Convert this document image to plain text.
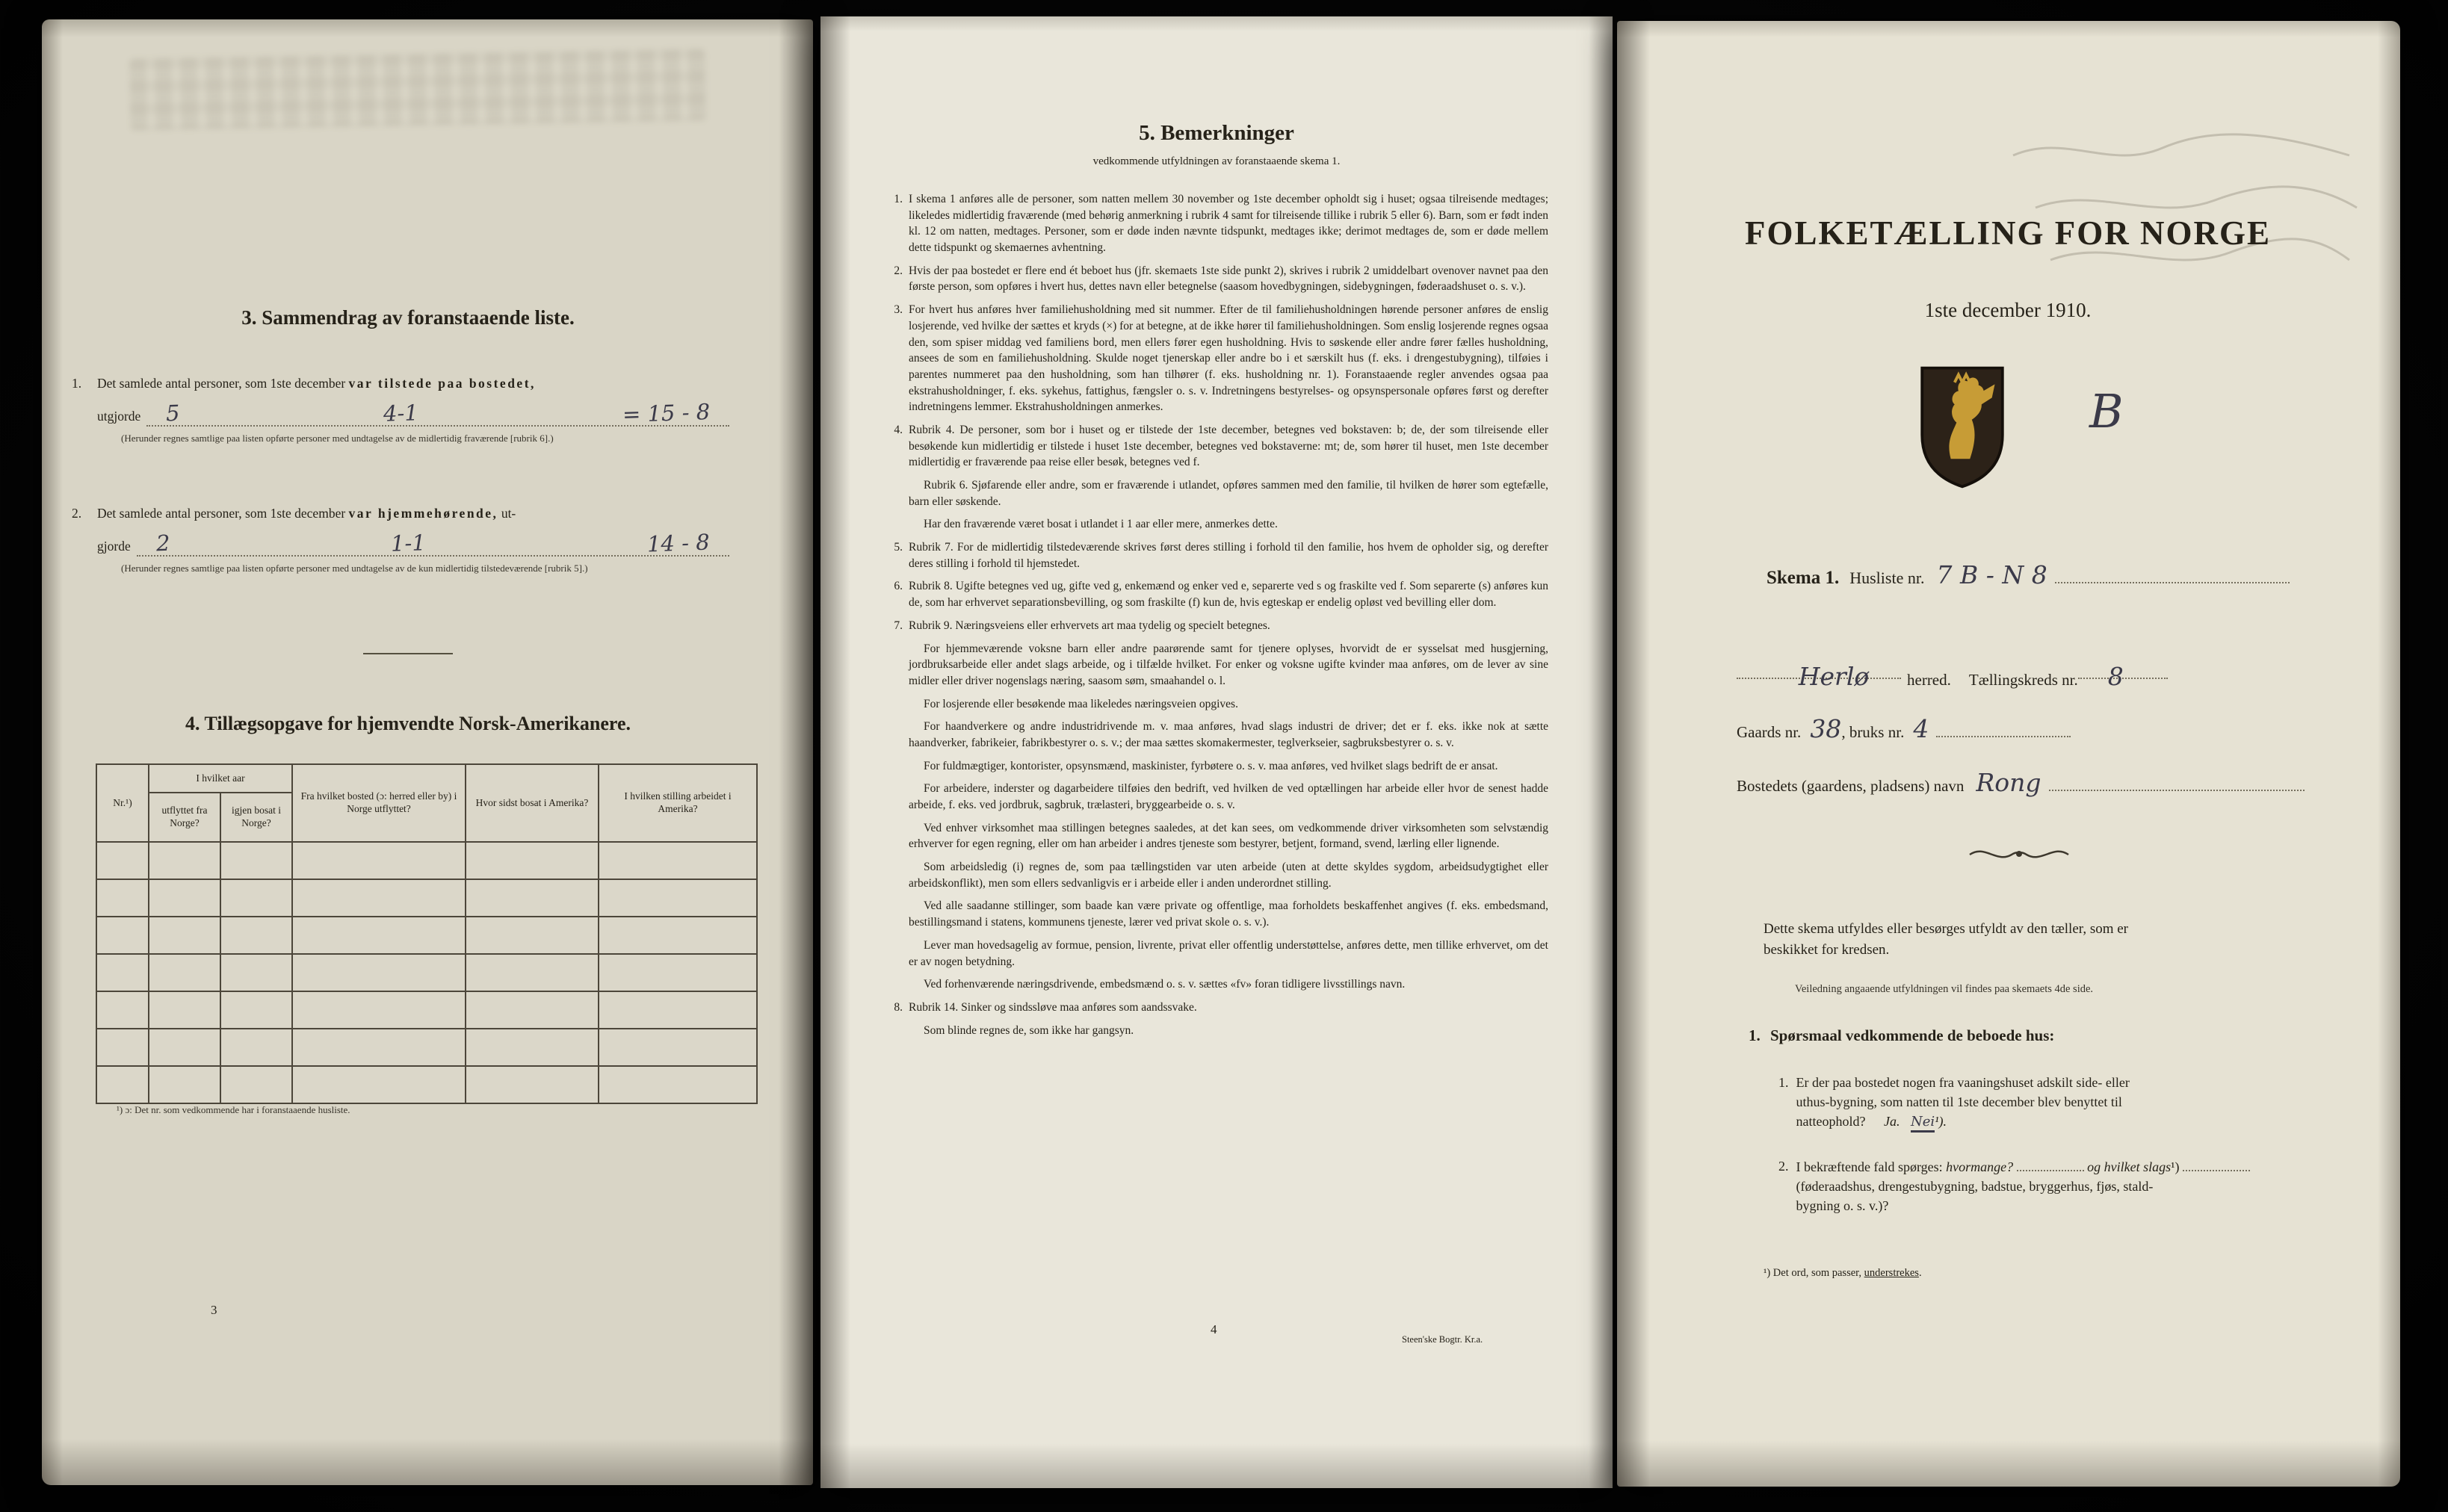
3. Sammendrag av foranstaaende liste.
1.	Det samlede antal personer, som 1ste december var tilstede paa bostedet,
utgjorde 5	4-1	= 15 - 8
(Herunder regnes samtlige paa listen opførte personer med undtagelse av de midlertidig fraværende [rubrik 6].)
2.	Det samlede antal personer, som 1ste december var hjemmehørende, ut-
gjorde 2	1-1	14 - 8
(Herunder regnes samtlige paa listen opførte personer med undtagelse av de kun midlertidig tilstedeværende [rubrik 5].)
4. Tillægsopgave for hjemvendte Norsk-Amerikanere.
Nr.¹)	I hvilket aar		Fra hvilket bosted (ɔ: herred eller by) i Norge utflyttet?	Hvor sidst bosat i Amerika?	I hvilken stilling arbeidet i Amerika?
	utflyttet fra Norge?	igjen bosat i Norge?			

¹) ɔ: Det nr. som vedkommende har i foranstaaende husliste.
3
5. Bemerkninger
vedkommende utfyldningen av foranstaaende skema 1.
1. I skema 1 anføres alle de personer, som natten mellem 30 november og 1ste december opholdt sig i huset; ogsaa tilreisende medtages; likeledes midlertidig fraværende (med behørig anmerkning i rubrik 4 samt for tilreisende tillike i rubrik 5 eller 6). Barn, som er født inden kl. 12 om natten, medtages. Personer, som er døde inden nævnte tidspunkt, medtages ikke; derimot medtages de, som er døde mellem dette tidspunkt og skemaernes avhentning.
2. Hvis der paa bostedet er flere end ét beboet hus (jfr. skemaets 1ste side punkt 2), skrives i rubrik 2 umiddelbart ovenover navnet paa den første person, som opføres i hvert hus, dettes navn eller betegnelse (saasom hovedbygningen, sidebygningen, føderaadshuset o. s. v.).
3. For hvert hus anføres hver familiehusholdning med sit nummer. Efter de til familiehusholdningen hørende personer anføres de enslig losjerende, ved hvilke der sættes et kryds (×) for at betegne, at de ikke hører til familiehusholdningen. Som enslig losjerende regnes ogsaa den, som spiser middag ved familiens bord, men ellers fører egen husholdning. Hvis to søskende eller andre fører fælles husholdning, ansees de som en familiehusholdning. Skulde noget tjenerskap eller andre bo i et særskilt hus (f. eks. i drengestubygning), tilføies i parentes nummeret paa den husholdning, som han tilhører (f. eks. husholdning nr. 1). Foranstaaende regler anvendes ogsaa paa ekstrahusholdninger, f. eks. sykehus, fattighus, fængsler o. s. v. Indretningens bestyrelses- og opsynspersonale opføres først og derefter indretningens lemmer. Ekstrahusholdningen anmerkes.
4. Rubrik 4. De personer, som bor i huset og er tilstede der 1ste december, betegnes ved bokstaven: b; de, der som tilreisende eller besøkende kun midlertidig er tilstede i huset 1ste december, betegnes ved bokstaverne: mt; de, som hører til huset, men 1ste december midlertidig er fraværende paa reise eller besøk, betegnes ved f.
Rubrik 6. Sjøfarende eller andre, som er fraværende i utlandet, opføres sammen med den familie, til hvilken de hører som egtefælle, barn eller søskende.
Har den fraværende været bosat i utlandet i 1 aar eller mere, anmerkes dette.
5. Rubrik 7. For de midlertidig tilstedeværende skrives først deres stilling i forhold til den familie, hos hvem de opholder sig, og derefter deres stilling i forhold til hjemstedet.
6. Rubrik 8. Ugifte betegnes ved ug, gifte ved g, enkemænd og enker ved e, separerte ved s og fraskilte ved f. Som separerte (s) anføres kun de, som har erhvervet separationsbevilling, og som fraskilte (f) kun de, hvis egteskap er endelig opløst ved bevilling eller dom.
7. Rubrik 9. Næringsveiens eller erhvervets art maa tydelig og specielt betegnes.
For hjemmeværende voksne barn eller andre paarørende samt for tjenere oplyses, hvorvidt de er sysselsat med husgjerning, jordbruksarbeide eller andet slags arbeide, og i tilfælde hvilket. For enker og voksne ugifte kvinder maa anføres, om de lever av sine midler eller driver nogenslags næring, saasom søm, smaahandel o. l.
For losjerende eller besøkende maa likeledes næringsveien opgives.
For haandverkere og andre industridrivende m. v. maa anføres, hvad slags industri de driver; det er f. eks. ikke nok at sætte haandverker, fabrikeier, fabrikbestyrer o. s. v.; der maa sættes skomakermester, teglverkseier, sagbruksbestyrer o. s. v.
For fuldmægtiger, kontorister, opsynsmænd, maskinister, fyrbøtere o. s. v. maa anføres, ved hvilket slags bedrift de er ansat.
For arbeidere, inderster og dagarbeidere tilføies den bedrift, ved hvilken de ved optællingen har arbeide eller hvor de senest hadde arbeide, f. eks. ved jordbruk, sagbruk, trælasteri, bryggearbeide o. s. v.
Ved enhver virksomhet maa stillingen betegnes saaledes, at det kan sees, om vedkommende driver virksomheten som selvstændig erhverver for egen regning, eller om han arbeider i andres tjeneste som bestyrer, betjent, formand, svend, lærling eller lignende.
Som arbeidsledig (i) regnes de, som paa tællingstiden var uten arbeide (uten at dette skyldes sygdom, arbeidsudygtighet eller arbeidskonflikt), men som ellers sedvanligvis er i arbeide eller i anden underordnet stilling.
Ved alle saadanne stillinger, som baade kan være private og offentlige, maa forholdets beskaffenhet angives (f. eks. embedsmand, bestillingsmand i statens, kommunens tjeneste, lærer ved privat skole o. s. v.).
Lever man hovedsagelig av formue, pension, livrente, privat eller offentlig understøttelse, anføres dette, men tillike erhvervet, om det er av nogen betydning.
Ved forhenværende næringsdrivende, embedsmænd o. s. v. sættes «fv» foran tidligere livsstillings navn.
8. Rubrik 14. Sinker og sindssløve maa anføres som aandssvake.
Som blinde regnes de, som ikke har gangsyn.
4
Steen'ske Bogtr. Kr.a.
FOLKETÆLLING FOR NORGE
1ste december 1910.
B
Skema 1. Husliste nr. 7 B - N 8
Herlø	herred. Tællingskreds nr.	8
Gaards nr. 38 , bruks nr. 4
Bostedets (gaardens, pladsens) navn Rong
Dette skema utfyldes eller besørges utfyldt av den tæller, som er
beskikket for kredsen.
Veiledning angaaende utfyldningen vil findes paa skemaets 4de side.
1. Spørsmaal vedkommende de beboede hus:
1. Er der paa bostedet nogen fra vaaningshuset adskilt side- eller
uthus-bygning, som natten til 1ste december blev benyttet til
natteophold? Ja. Nei¹).
2. I bekræftende fald spørges: hvormange?	og hvilket slags¹)
(føderaadshus, drengestubygning, badstue, bryggerhus, fjøs, stald-
bygning o. s. v.)?
¹) Det ord, som passer, understrekes.
